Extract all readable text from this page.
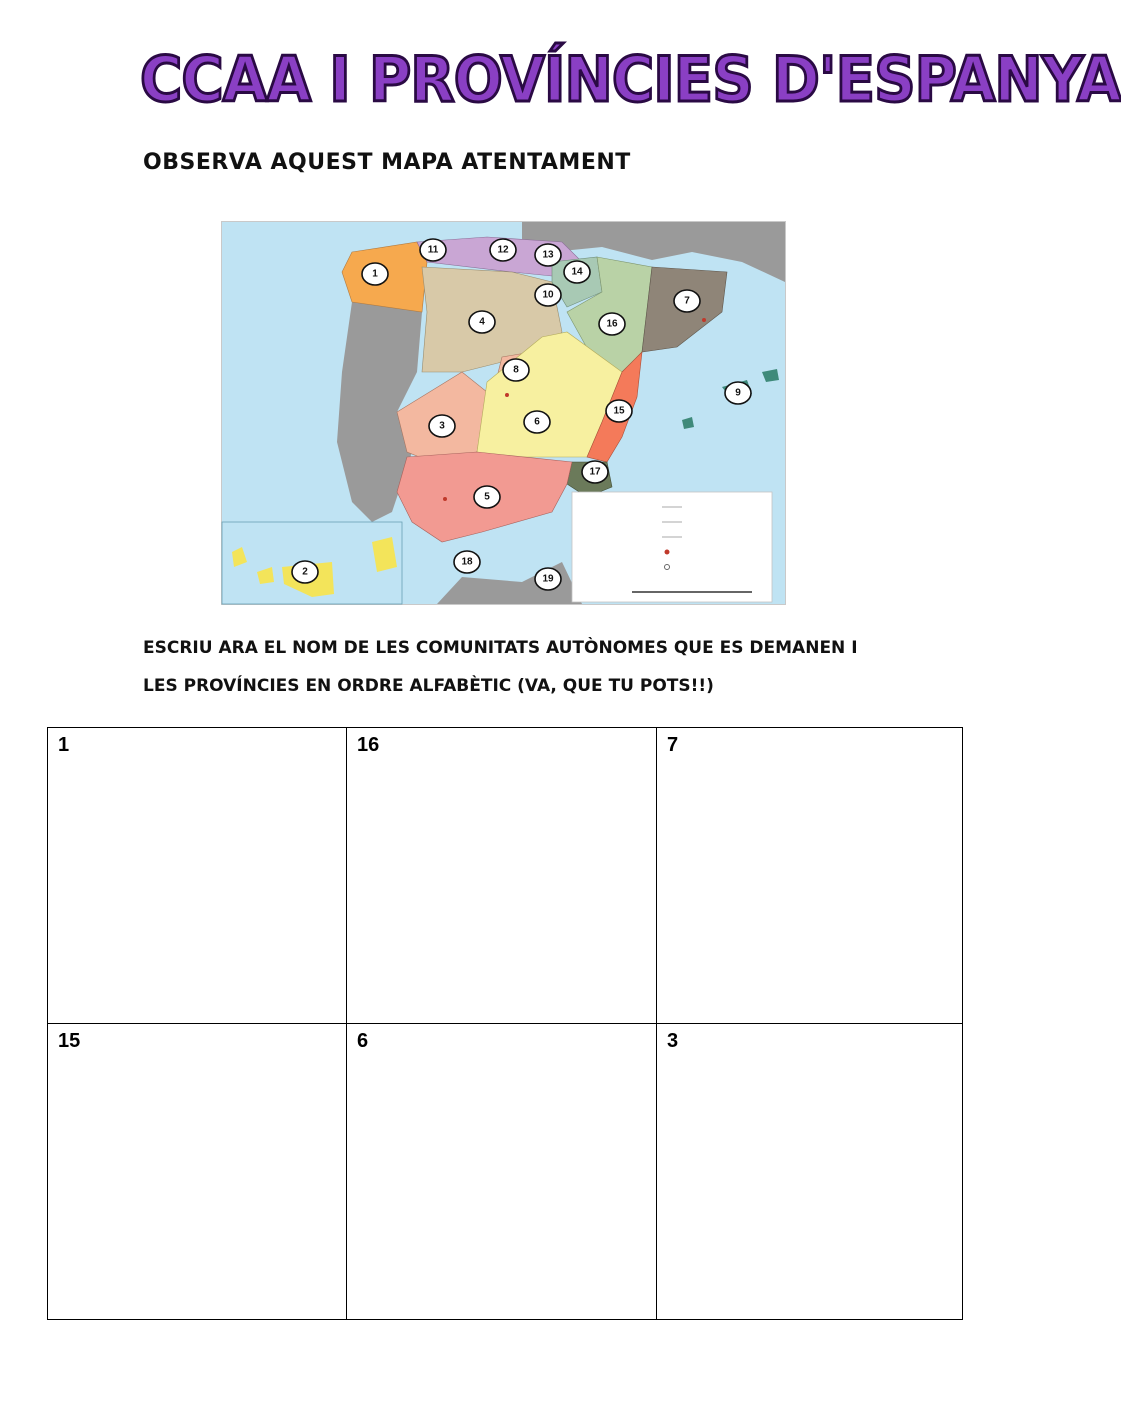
CCAA I PROVÍNCIES D'ESPANYA
OBSERVA AQUEST MAPA ATENTAMENT
1
2
3
4
5
6
7
8
9
10
11	12	13
14
15
16
17
18
19
ESCRIU ARA EL NOM DE LES COMUNITATS AUTÒNOMES QUE ES DEMANEN I
LES PROVÍNCIES EN ORDRE ALFABÈTIC (VA, QUE TU POTS!!)
1	16	7
15	6	3
